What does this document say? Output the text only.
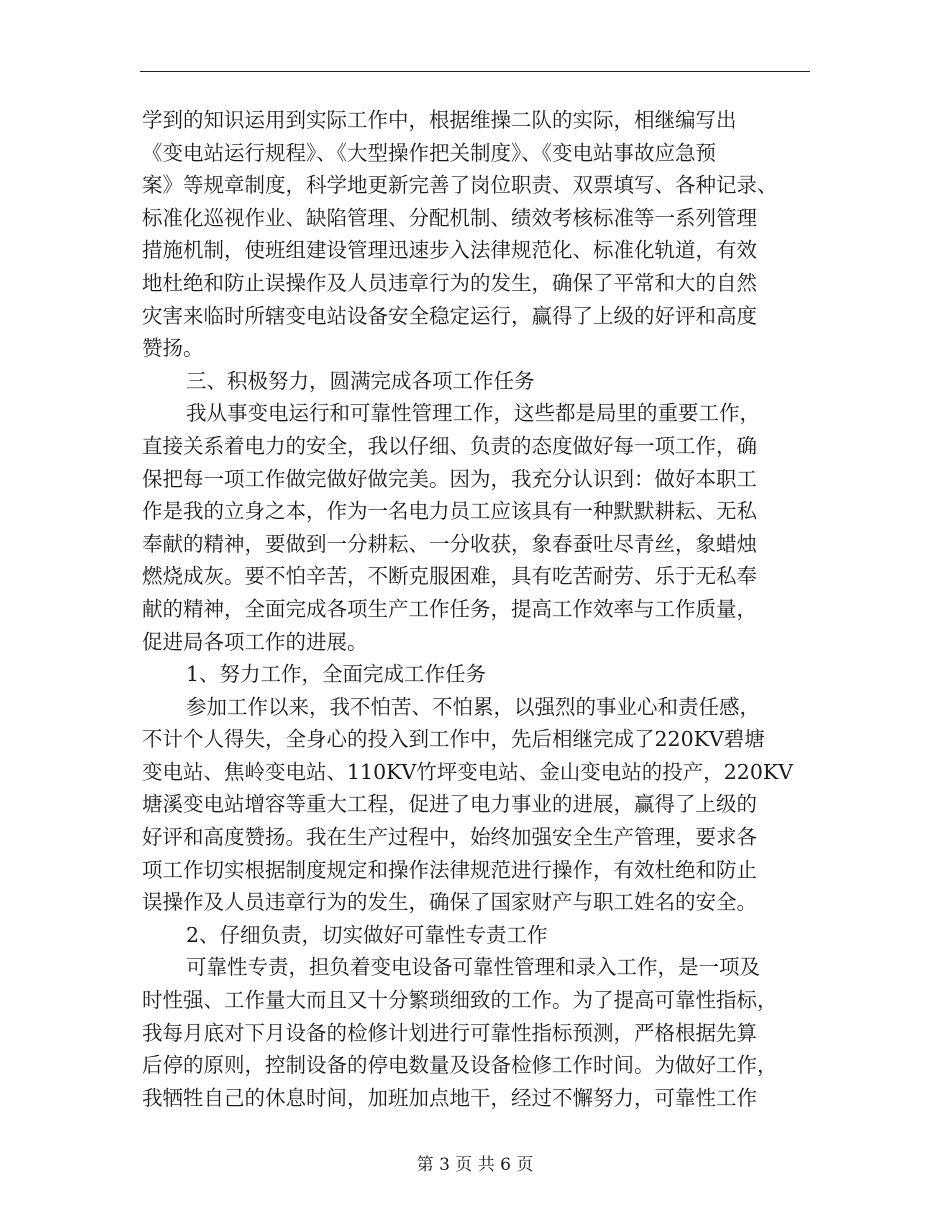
学到的知识运用到实际工作中，根据维操二队的实际，相继编写出
《变电站运行规程》、《大型操作把关制度》、《变电站事故应急预
案》等规章制度，科学地更新完善了岗位职责、双票填写、各种记录、
标准化巡视作业、缺陷管理、分配机制、绩效考核标准等一系列管理
措施机制，使班组建设管理迅速步入法律规范化、标准化轨道，有效
地杜绝和防止误操作及人员违章行为的发生，确保了平常和大的自然
灾害来临时所辖变电站设备安全稳定运行，赢得了上级的好评和高度
赞扬。

三、积极努力，圆满完成各项工作任务

我从事变电运行和可靠性管理工作，这些都是局里的重要工作，
直接关系着电力的安全，我以仔细、负责的态度做好每一项工作，确
保把每一项工作做完做好做完美。因为，我充分认识到：做好本职工
作是我的立身之本，作为一名电力员工应该具有一种默默耕耘、无私
奉献的精神，要做到一分耕耘、一分收获，象春蚕吐尽青丝，象蜡烛
燃烧成灰。要不怕辛苦，不断克服困难，具有吃苦耐劳、乐于无私奉
献的精神，全面完成各项生产工作任务，提高工作效率与工作质量，
促进局各项工作的进展。

1、努力工作，全面完成工作任务

参加工作以来，我不怕苦、不怕累，以强烈的事业心和责任感，
不计个人得失，全身心的投入到工作中，先后相继完成了220KV碧塘
变电站、焦岭变电站、110KV竹坪变电站、金山变电站的投产，220KV
塘溪变电站增容等重大工程，促进了电力事业的进展，赢得了上级的
好评和高度赞扬。我在生产过程中，始终加强安全生产管理，要求各
项工作切实根据制度规定和操作法律规范进行操作，有效杜绝和防止
误操作及人员违章行为的发生，确保了国家财产与职工姓名的安全。

2、仔细负责，切实做好可靠性专责工作

可靠性专责，担负着变电设备可靠性管理和录入工作，是一项及
时性强、工作量大而且又十分繁琐细致的工作。为了提高可靠性指标，
我每月底对下月设备的检修计划进行可靠性指标预测，严格根据先算
后停的原则，控制设备的停电数量及设备检修工作时间。为做好工作，
我牺牲自己的休息时间，加班加点地干，经过不懈努力，可靠性工作

第 3 页 共 6 页
